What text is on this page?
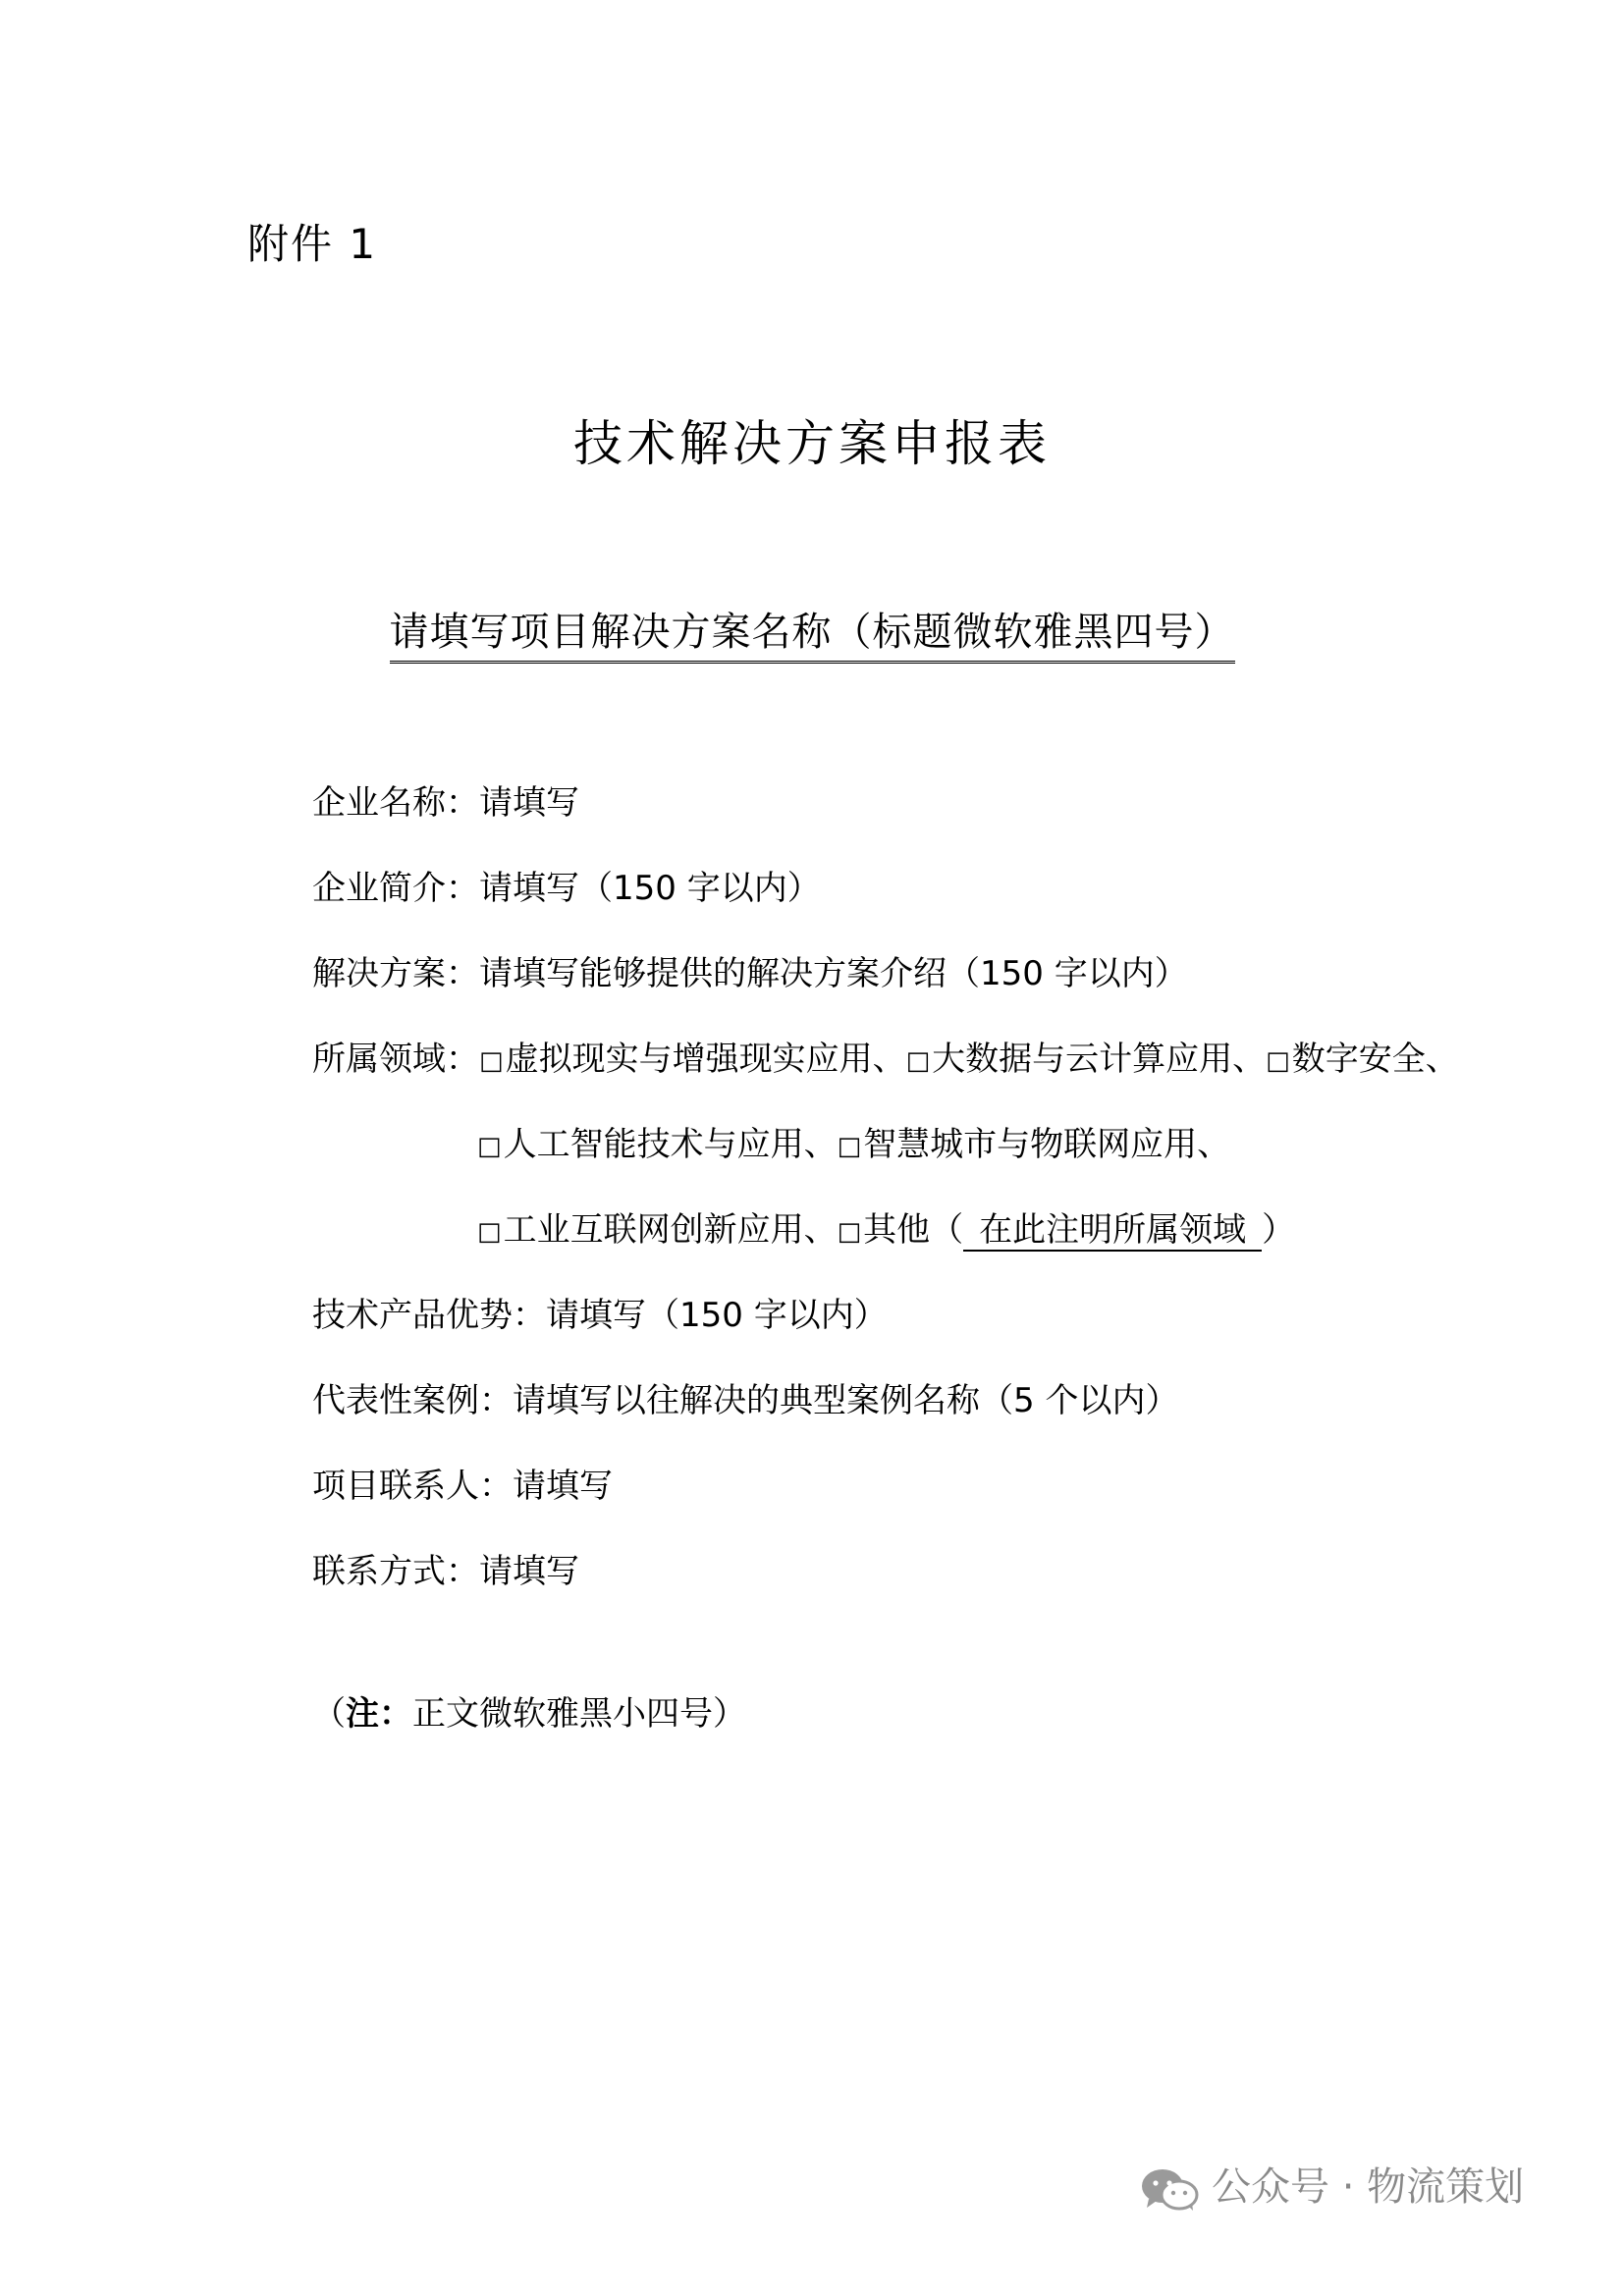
附件 1
技术解决方案申报表
请填写项目解决方案名称（标题微软雅黑四号）
企业名称：请填写
企业简介：请填写（150 字以内）
解决方案：请填写能够提供的解决方案介绍（150 字以内）
所属领域：□虚拟现实与增强现实应用、□大数据与云计算应用、□数字安全、
□人工智能技术与应用、□智慧城市与物联网应用、
□工业互联网创新应用、□其他（ 在此注明所属领域 ）
技术产品优势：请填写（150 字以内）
代表性案例：请填写以往解决的典型案例名称（5 个以内）
项目联系人：请填写
联系方式：请填写
（注：正文微软雅黑小四号）
公众号 · 物流策划
